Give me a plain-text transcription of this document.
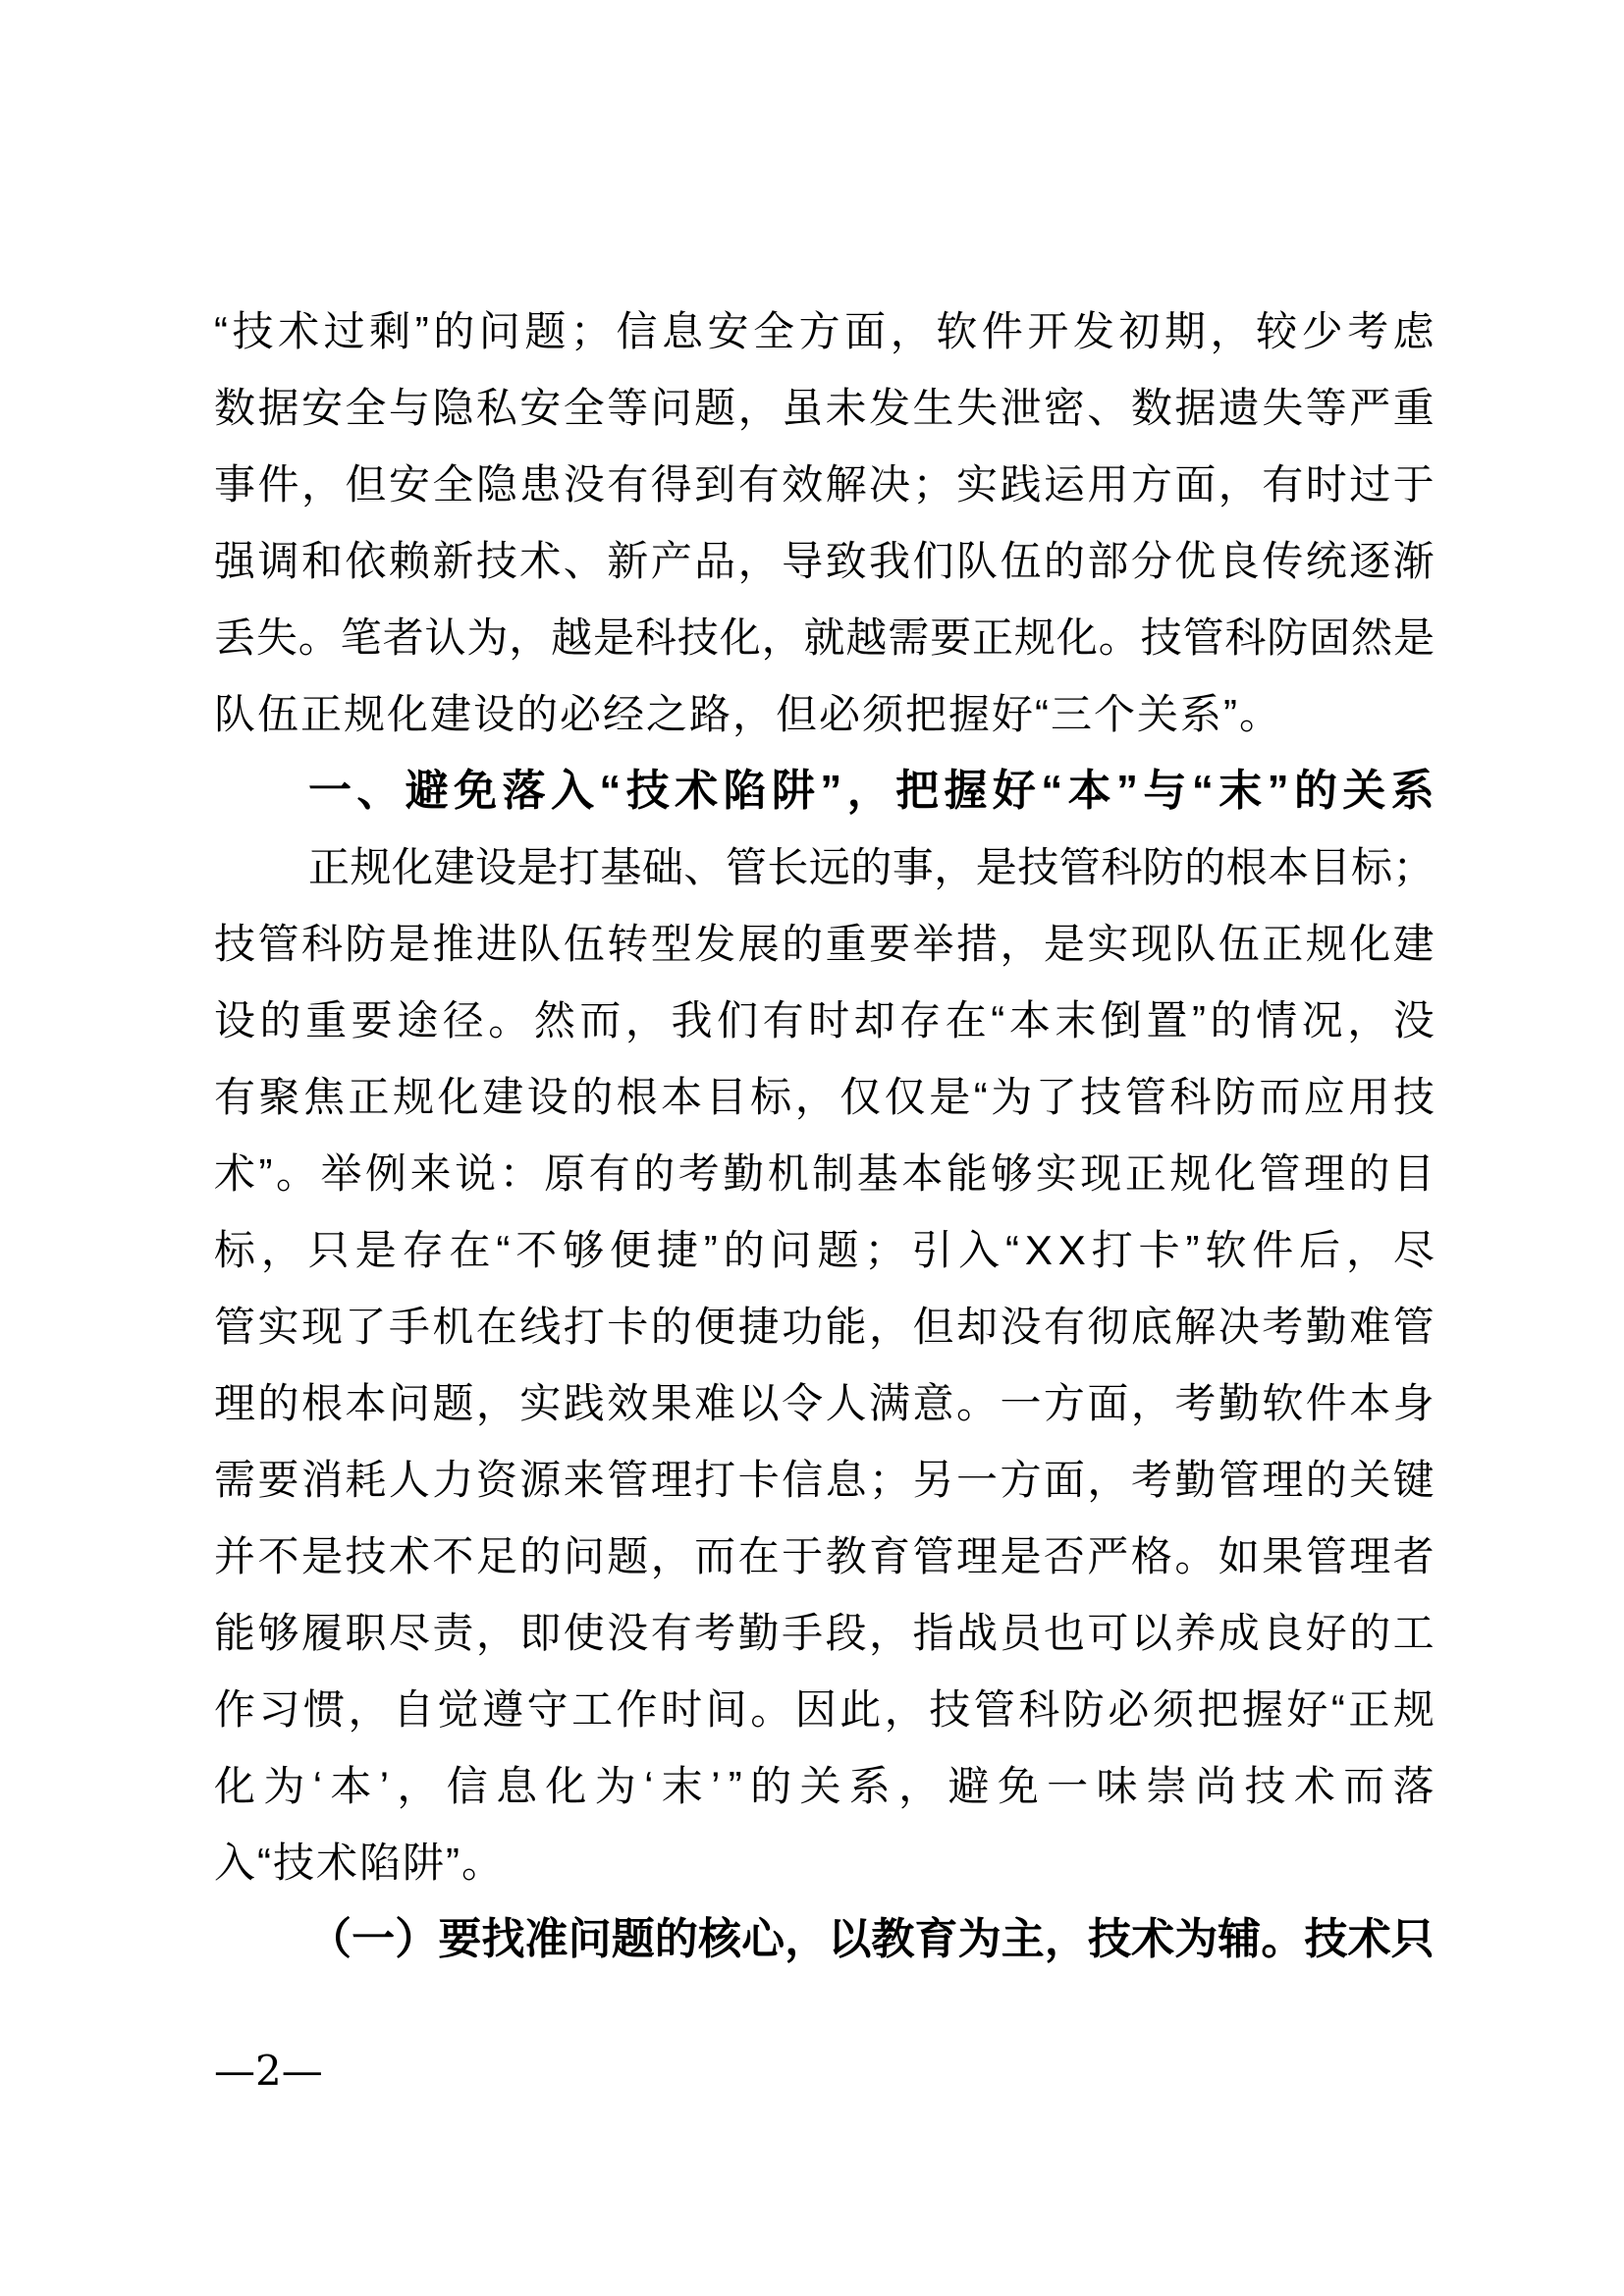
“ 技 术 过 剩 ” 的 问 题 ； 信 息 安 全 方 面 ， 软 件 开 发 初 期 ， 较 少 考 虑
数 据 安 全 与 隐 私 安 全 等 问 题 ， 虽 未 发 生 失 泄 密 、 数 据 遗 失 等 严 重
事 件 ， 但 安 全 隐 患 没 有 得 到 有 效 解 决 ； 实 践 运 用 方 面 ， 有 时 过 于
强 调 和 依 赖 新 技 术 、 新 产 品 ， 导 致 我 们 队 伍 的 部 分 优 良 传 统 逐 渐
丢 失 。 笔 者 认 为 ， 越 是 科 技 化 ， 就 越 需 要 正 规 化 。 技 管 科 防 固 然 是
队伍正规化建设的必经之路，但必须把握好“三个关系”。
一 、 避 免 落 入 “ 技 术 陷 阱 ” ， 把 握 好 “ 本 ” 与 “ 末 ” 的 关 系
正 规 化 建 设 是 打 基 础 、 管 长 远 的 事 ， 是 技 管 科 防 的 根 本 目 标 ；
技 管 科 防 是 推 进 队 伍 转 型 发 展 的 重 要 举 措 ， 是 实 现 队 伍 正 规 化 建
设 的 重 要 途 径 。 然 而 ， 我 们 有 时 却 存 在 “ 本 末 倒 置 ” 的 情 况 ， 没
有 聚 焦 正 规 化 建 设 的 根 本 目 标 ， 仅 仅 是 “ 为 了 技 管 科 防 而 应 用 技
术 ” 。 举 例 来 说 ： 原 有 的 考 勤 机 制 基 本 能 够 实 现 正 规 化 管 理 的 目
标 ， 只 是 存 在 “ 不 够 便 捷 ” 的 问 题 ； 引 入 “ X X 打 卡 ” 软 件 后 ， 尽
管 实 现 了 手 机 在 线 打 卡 的 便 捷 功 能 ， 但 却 没 有 彻 底 解 决 考 勤 难 管
理 的 根 本 问 题 ， 实 践 效 果 难 以 令 人 满 意 。 一 方 面 ， 考 勤 软 件 本 身
需 要 消 耗 人 力 资 源 来 管 理 打 卡 信 息 ； 另 一 方 面 ， 考 勤 管 理 的 关 键
并 不 是 技 术 不 足 的 问 题 ， 而 在 于 教 育 管 理 是 否 严 格 。 如 果 管 理 者
能 够 履 职 尽 责 ， 即 使 没 有 考 勤 手 段 ， 指 战 员 也 可 以 养 成 良 好 的 工
作 习 惯 ， 自 觉 遵 守 工 作 时 间 。 因 此 ， 技 管 科 防 必 须 把 握 好 “ 正 规
化 为 ‘ 本 ’ ， 信 息 化 为 ‘ 末 ’ ” 的 关 系 ， 避 免 一 味 崇 尚 技 术 而 落
入“技术陷阱”。
（ 一 ） 要 找 准 问 题 的 核 心 ， 以 教 育 为 主 ， 技 术 为 辅 。 技 术 只
—2—
